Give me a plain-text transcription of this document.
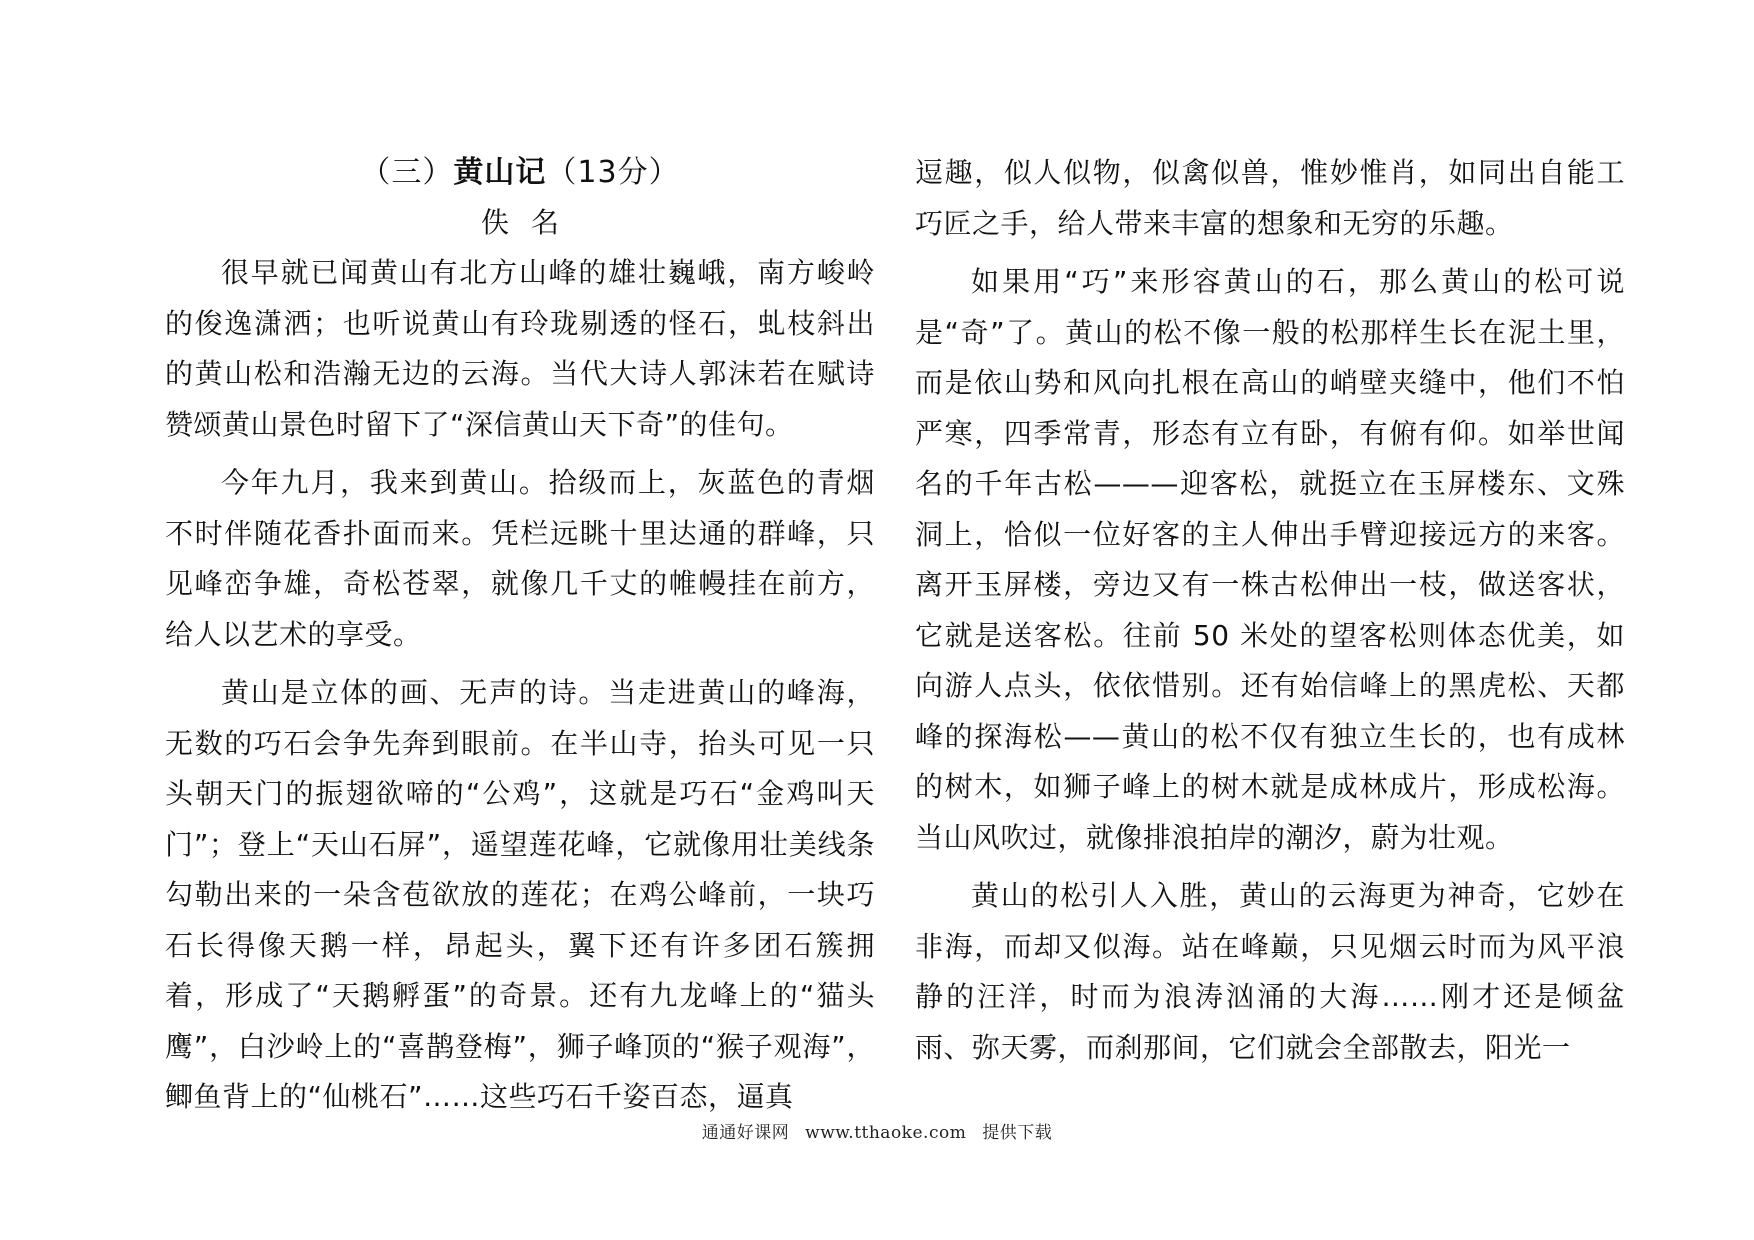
（三）黄山记（13分）

佚名

很早就已闻黄山有北方山峰的雄壮巍峨，南方峻岭的俊逸潇洒；也听说黄山有玲珑剔透的怪石，虬枝斜出的黄山松和浩瀚无边的云海。当代大诗人郭沫若在赋诗赞颂黄山景色时留下了“深信黄山天下奇”的佳句。

今年九月，我来到黄山。拾级而上，灰蓝色的青烟不时伴随花香扑面而来。凭栏远眺十里达通的群峰，只见峰峦争雄，奇松苍翠，就像几千丈的帷幔挂在前方，给人以艺术的享受。

黄山是立体的画、无声的诗。当走进黄山的峰海，无数的巧石会争先奔到眼前。在半山寺，抬头可见一只头朝天门的振翅欲啼的“公鸡”，这就是巧石“金鸡叫天门”；登上“天山石屏”，遥望莲花峰，它就像用壮美线条勾勒出来的一朵含苞欲放的莲花；在鸡公峰前，一块巧石长得像天鹅一样，昂起头，翼下还有许多团石簇拥着，形成了“天鹅孵蛋”的奇景。还有九龙峰上的“猫头鹰”，白沙岭上的“喜鹊登梅”，狮子峰顶的“猴子观海”，鲫鱼背上的“仙桃石”……这些巧石千姿百态，逼真

逗趣，似人似物，似禽似兽，惟妙惟肖，如同出自能工巧匠之手，给人带来丰富的想象和无穷的乐趣。

如果用“巧”来形容黄山的石，那么黄山的松可说是“奇”了。黄山的松不像一般的松那样生长在泥土里，而是依山势和风向扎根在高山的峭壁夹缝中，他们不怕严寒，四季常青，形态有立有卧，有俯有仰。如举世闻名的千年古松———迎客松，就挺立在玉屏楼东、文殊洞上，恰似一位好客的主人伸出手臂迎接远方的来客。离开玉屏楼，旁边又有一株古松伸出一枝，做送客状，它就是送客松。往前 50 米处的望客松则体态优美，如向游人点头，依依惜别。还有始信峰上的黑虎松、天都峰的探海松——黄山的松不仅有独立生长的，也有成林的树木，如狮子峰上的树木就是成林成片，形成松海。当山风吹过，就像排浪拍岸的潮汐，蔚为壮观。

黄山的松引人入胜，黄山的云海更为神奇，它妙在非海，而却又似海。站在峰巅，只见烟云时而为风平浪静的汪洋，时而为浪涛汹涌的大海……刚才还是倾盆雨、弥天雾，而刹那间，它们就会全部散去，阳光一

通通好课网 www.tthaoke.com 提供下载
